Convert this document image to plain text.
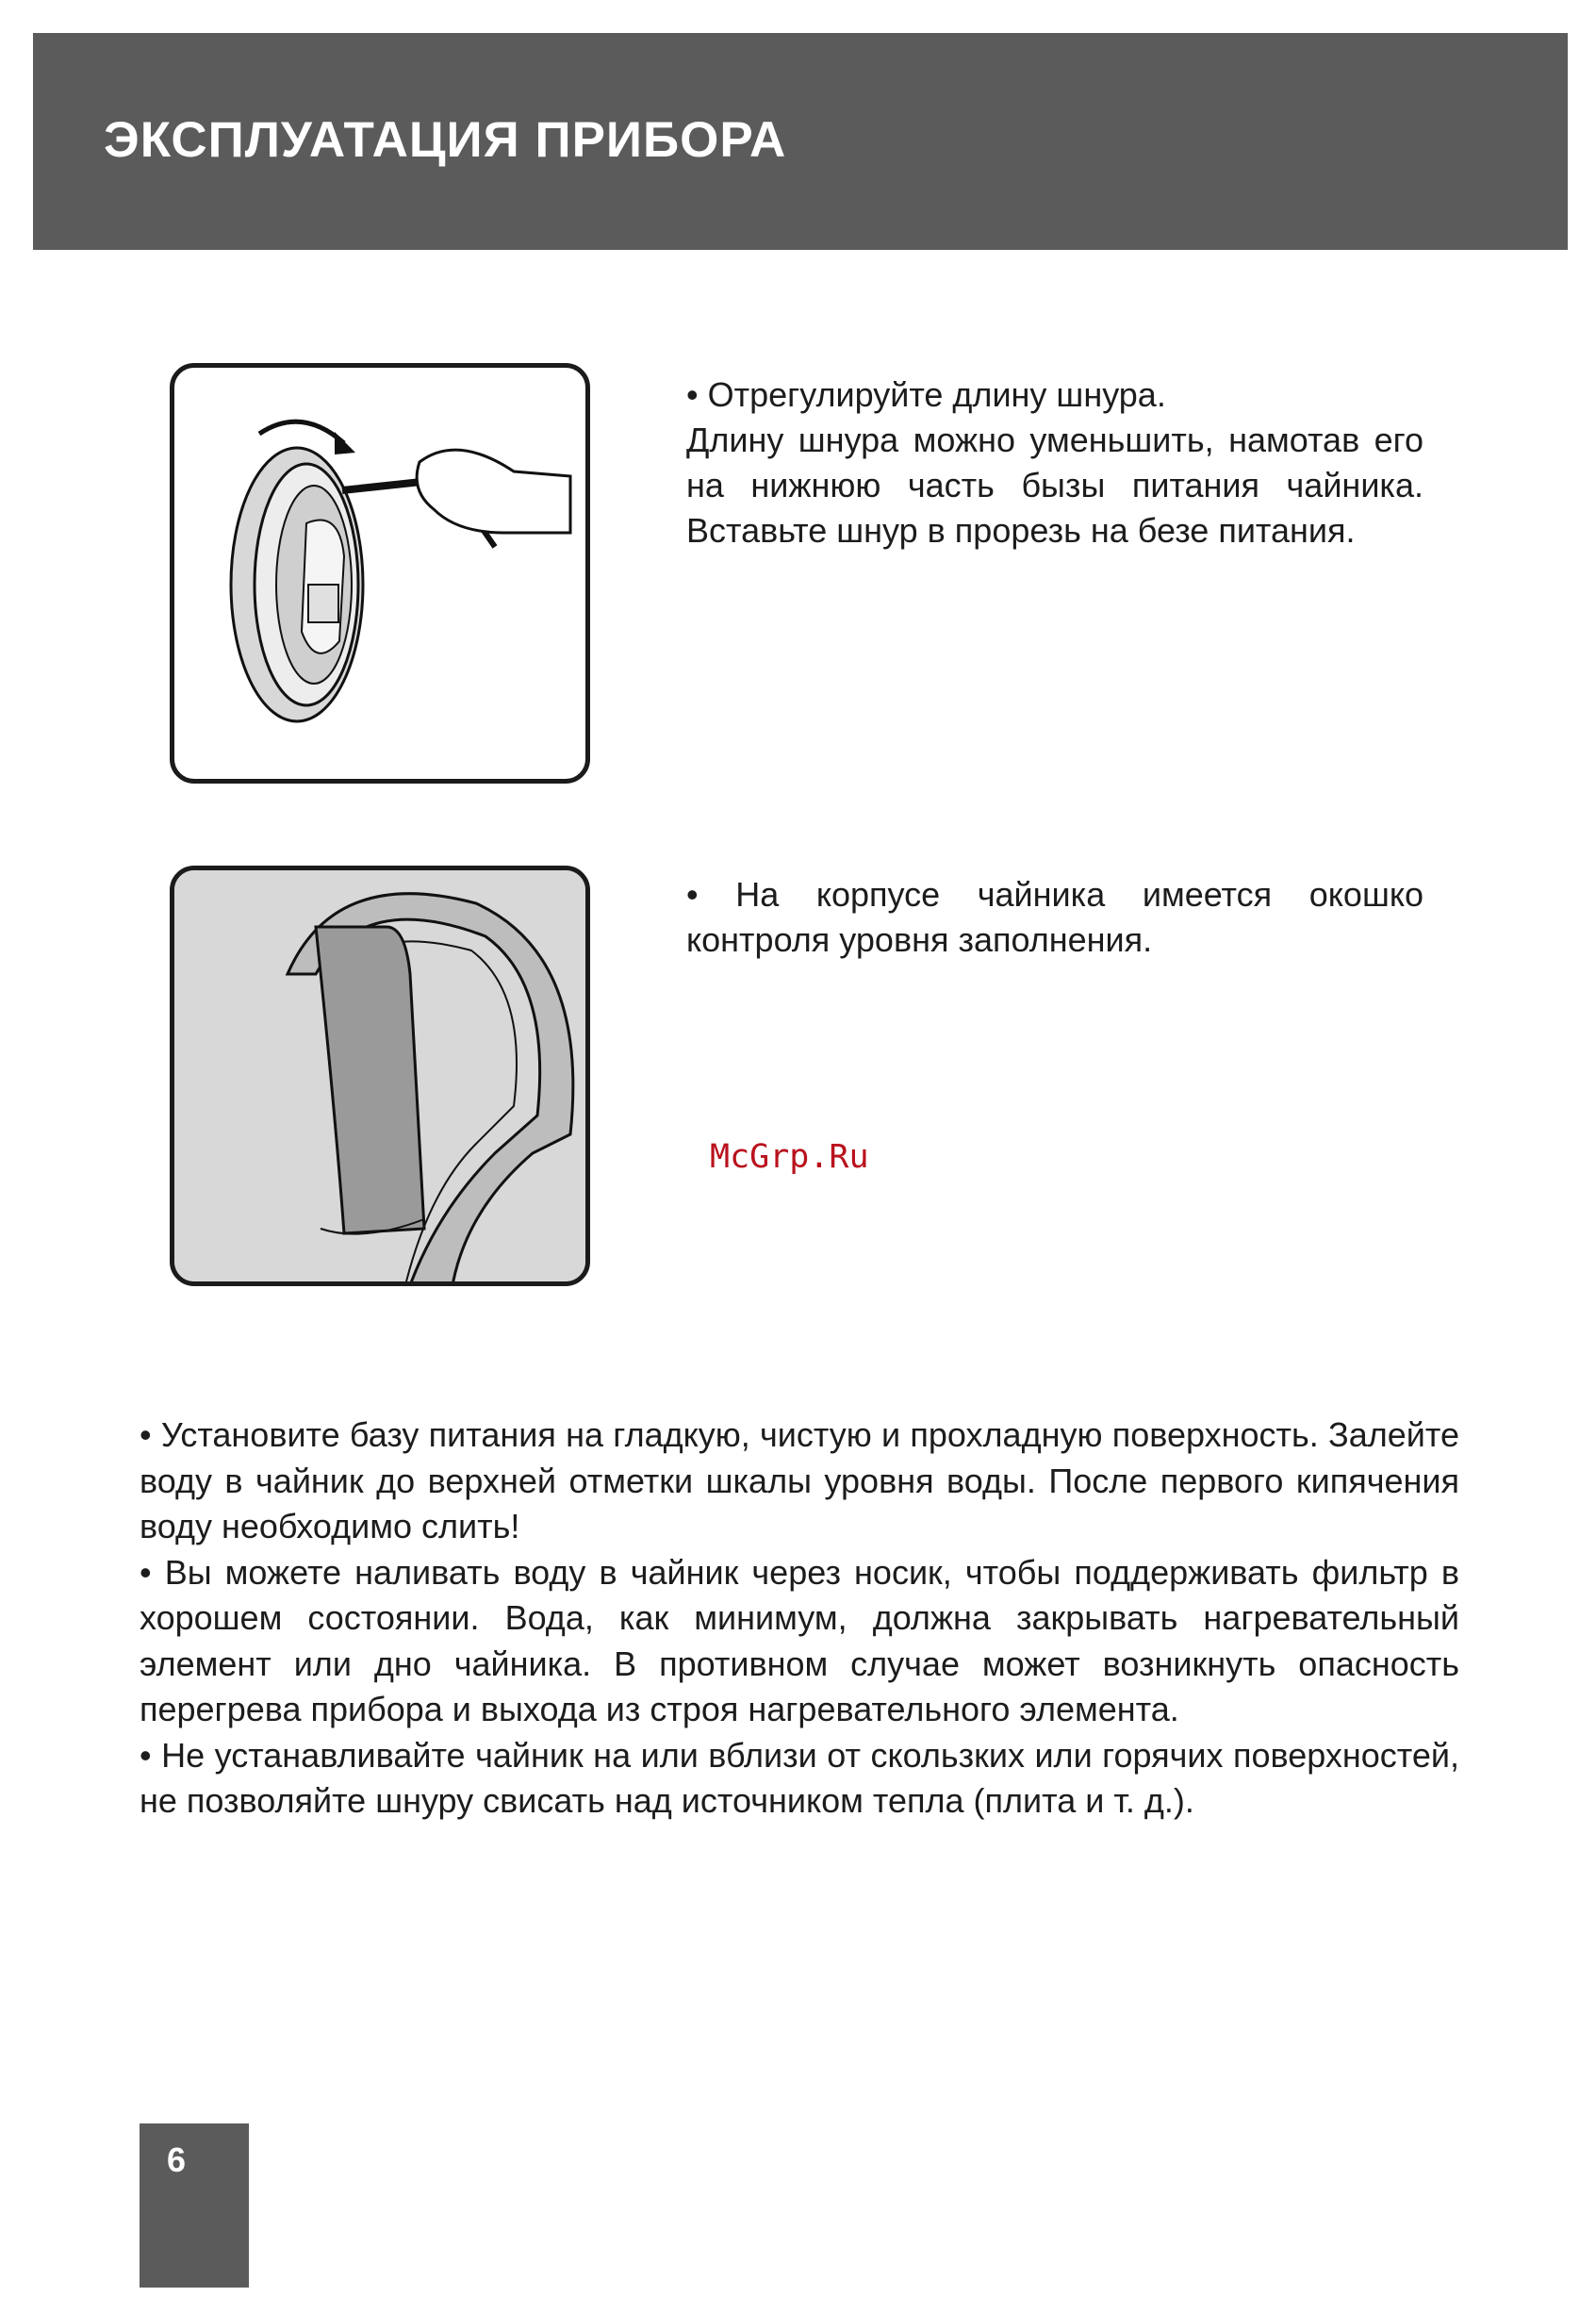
ЭКСПЛУАТАЦИЯ ПРИБОРА
• Отрегулируйте длину шнура.
Длину шнура можно уменьшить, намотав его на нижнюю часть бызы питания чайника. Вставьте шнур в прорезь на безе питания.
• На корпусе чайника имеется окошко контроля уровня заполнения.
McGrp.Ru

• Установите базу питания на гладкую, чистую и прохладную поверхность. Залейте воду в чайник до верхней отметки шкалы уровня воды. После первого кипячения воду необходимо слить!

• Вы можете наливать воду в чайник через носик, чтобы поддерживать фильтр в хорошем состоянии. Вода, как минимум, должна закрывать нагревательный элемент или дно чайника. В противном случае может возникнуть опасность перегрева прибора и выхода из строя нагревательного элемента.

• Не устанавливайте чайник на или вблизи от скользких или горячих поверхностей, не позволяйте шнуру свисать над источником тепла (плита и т. д.).

6
